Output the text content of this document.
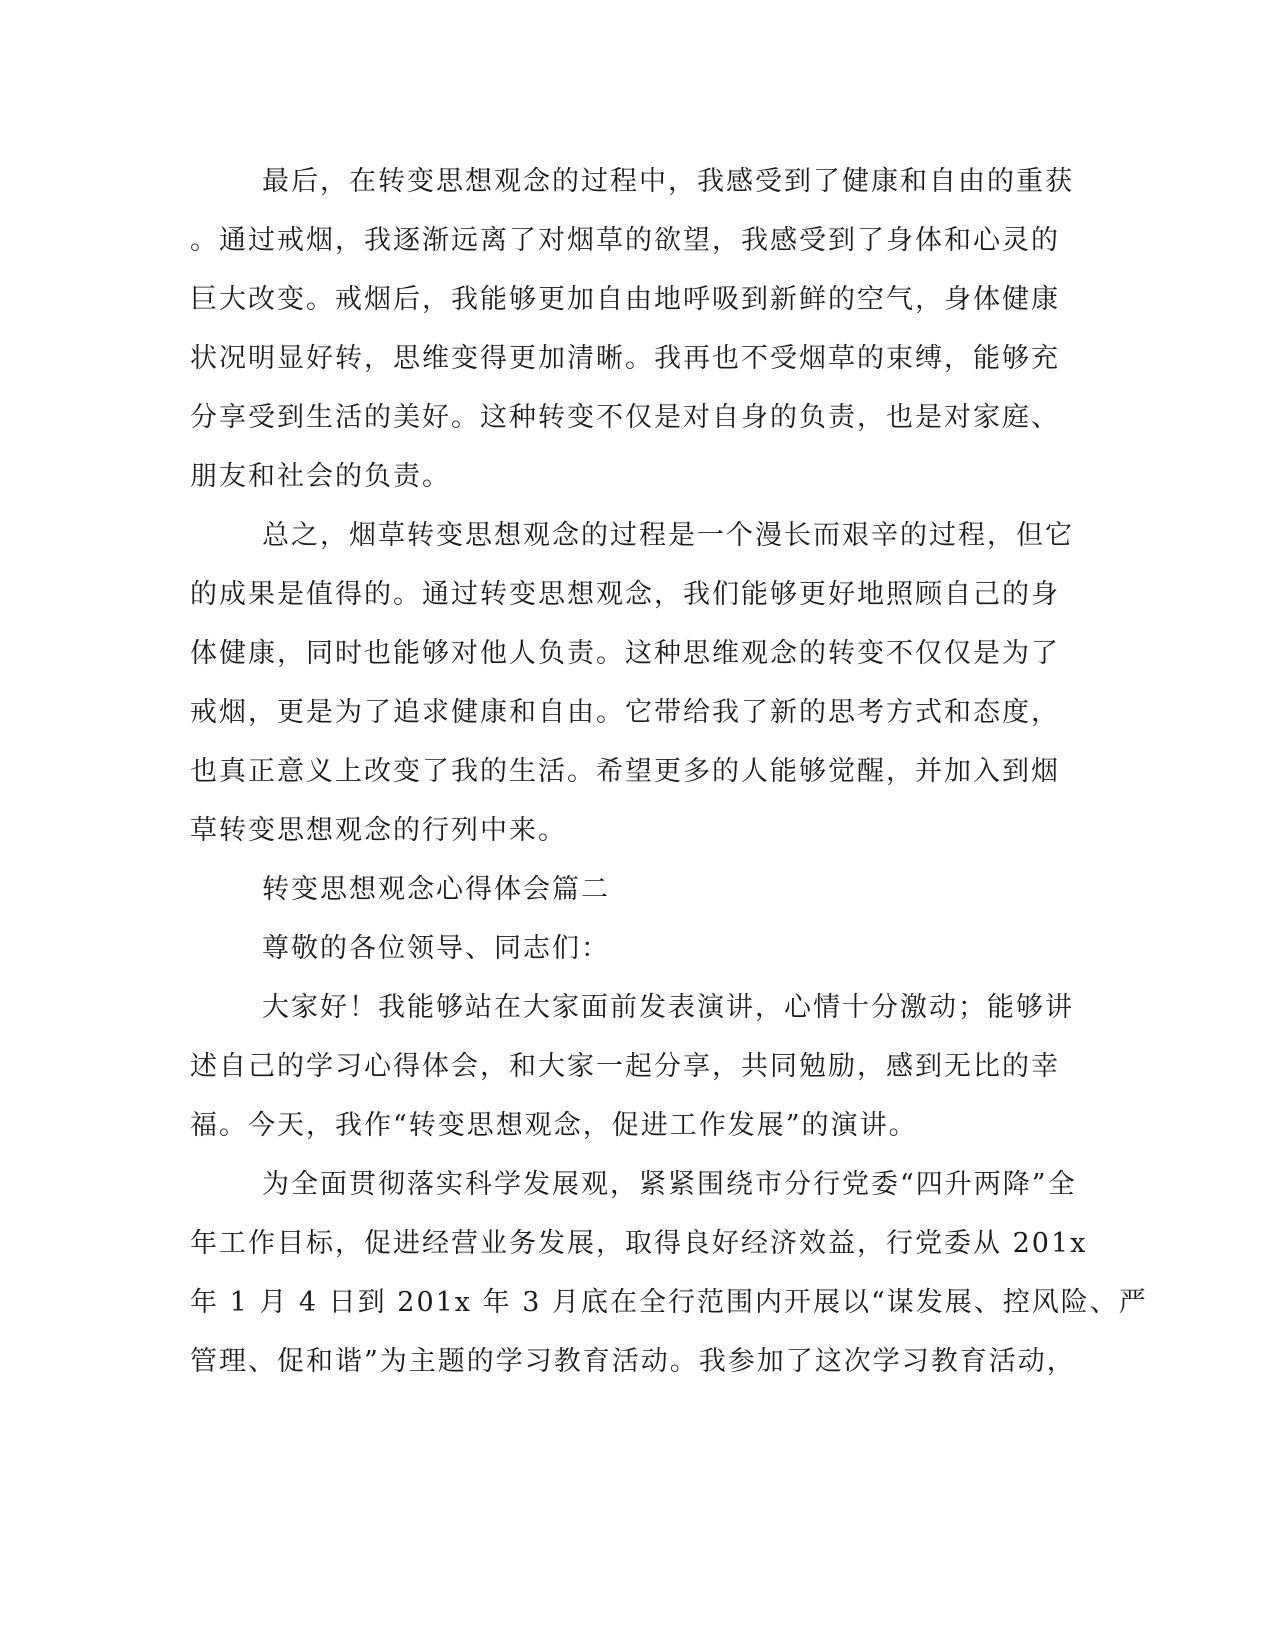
最后，在转变思想观念的过程中，我感受到了健康和自由的重获
。通过戒烟，我逐渐远离了对烟草的欲望，我感受到了身体和心灵的
巨大改变。戒烟后，我能够更加自由地呼吸到新鲜的空气，身体健康
状况明显好转，思维变得更加清晰。我再也不受烟草的束缚，能够充
分享受到生活的美好。这种转变不仅是对自身的负责，也是对家庭、
朋友和社会的负责。
总之，烟草转变思想观念的过程是一个漫长而艰辛的过程，但它
的成果是值得的。通过转变思想观念，我们能够更好地照顾自己的身
体健康，同时也能够对他人负责。这种思维观念的转变不仅仅是为了
戒烟，更是为了追求健康和自由。它带给我了新的思考方式和态度，
也真正意义上改变了我的生活。希望更多的人能够觉醒，并加入到烟
草转变思想观念的行列中来。
转变思想观念心得体会篇二
尊敬的各位领导、同志们：
大家好！我能够站在大家面前发表演讲，心情十分激动；能够讲
述自己的学习心得体会，和大家一起分享，共同勉励，感到无比的幸
福。今天，我作“转变思想观念，促进工作发展”的演讲。
为全面贯彻落实科学发展观，紧紧围绕市分行党委“四升两降”全
年工作目标，促进经营业务发展，取得良好经济效益，行党委从 201x
年 1 月 4 日到 201x 年 3 月底在全行范围内开展以“谋发展、控风险、严
管理、促和谐”为主题的学习教育活动。我参加了这次学习教育活动，
